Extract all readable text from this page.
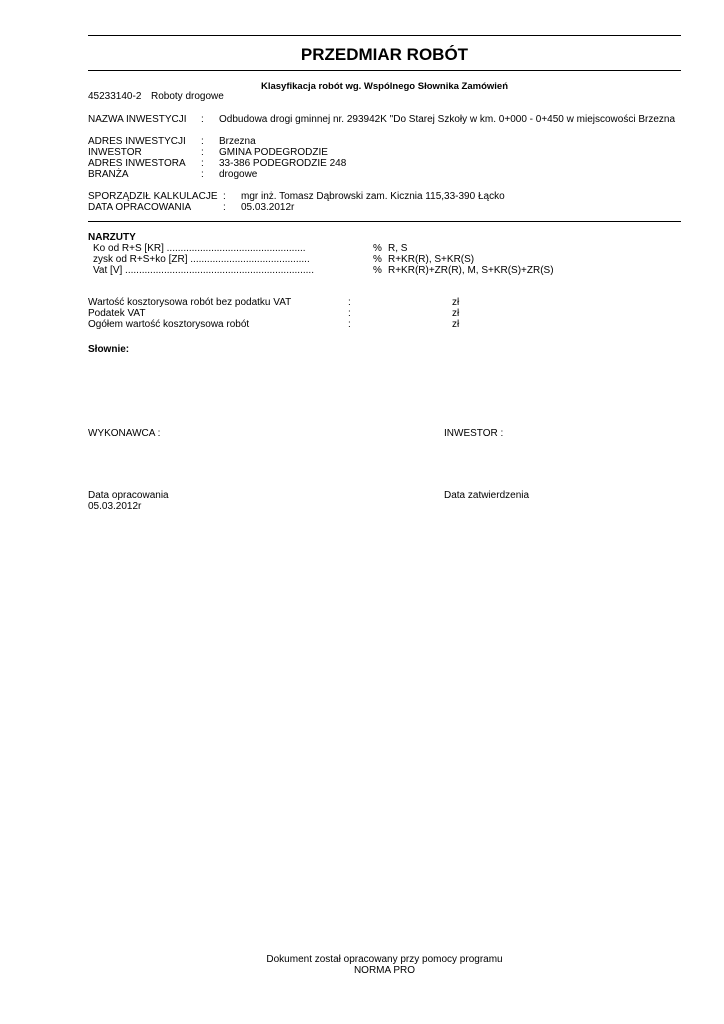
PRZEDMIAR ROBÓT
Klasyfikacja robót wg. Wspólnego Słownika Zamówień
45233140-2 Roboty drogowe
NAZWA INWESTYCJI : Odbudowa drogi gminnej nr. 293942K "Do Starej Szkoły w km. 0+000 - 0+450 w miejscowości Brzezna
ADRES INWESTYCJI : Brzezna
INWESTOR	: GMINA PODEGRODZIE
ADRES INWESTORA : 33-386 PODEGRODZIE 248
BRANŻA	: drogowe
SPORZĄDZIŁ KALKULACJE : mgr inż. Tomasz Dąbrowski zam. Kicznia 115,33-390 Łącko
DATA OPRACOWANIA	: 05.03.2012r
NARZUTY
Ko od R+S [KR] ..................................................	% R, S
zysk od R+S+ko [ZR] ...........................................	% R+KR(R), S+KR(S)
Vat [V] ....................................................................	% R+KR(R)+ZR(R), M, S+KR(S)+ZR(S)
Wartość kosztorysowa robót bez podatku VAT	:	zł
Podatek VAT	:	zł
Ogółem wartość kosztorysowa robót	:	zł
Słownie:
WYKONAWCA :	INWESTOR :
Data opracowania
05.03.2012r
Data zatwierdzenia
Dokument został opracowany przy pomocy programu
NORMA PRO
